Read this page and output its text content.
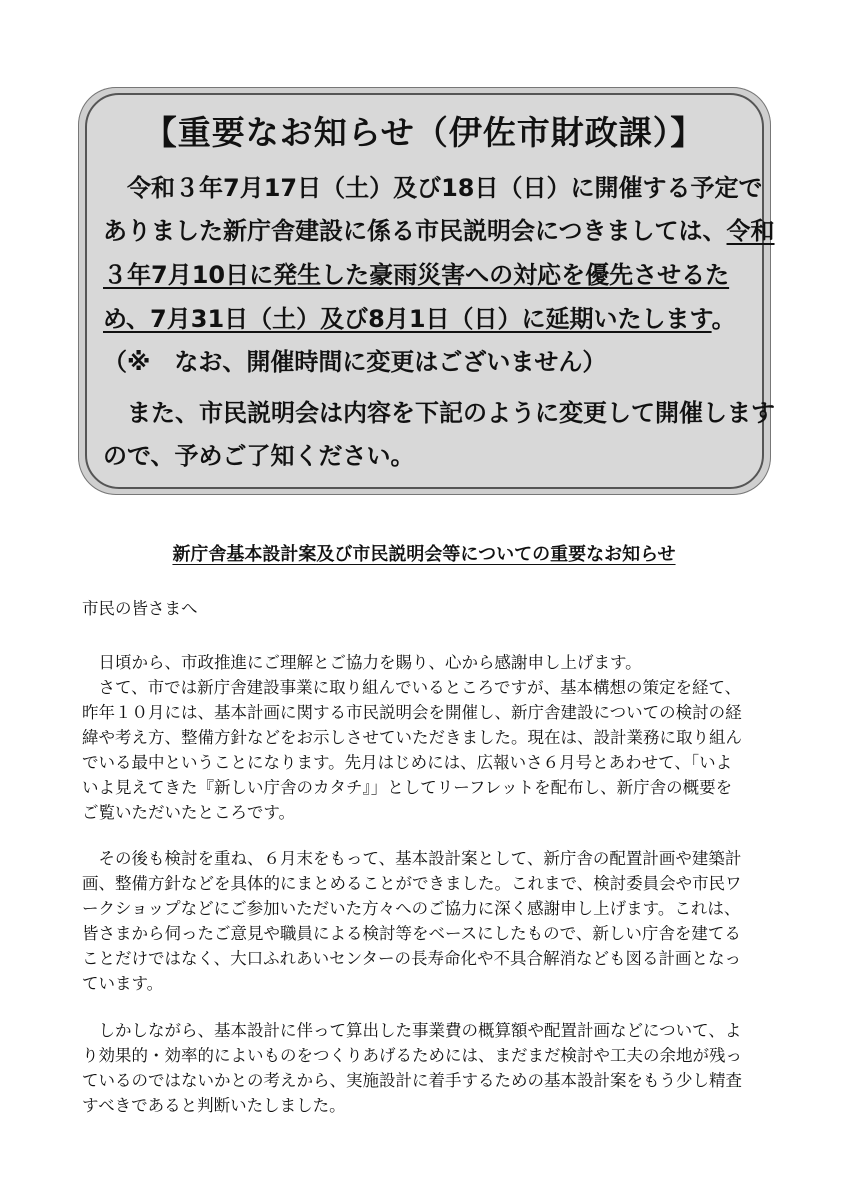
【重要なお知らせ（伊佐市財政課）】
　令和３年7月17日（土）及び18日（日）に開催する予定で
ありました新庁舎建設に係る市民説明会につきましては、令和
３年7月10日に発生した豪雨災害への対応を優先させるた
め、7月31日（土）及び8月1日（日）に延期いたします。
（※　なお、開催時間に変更はございません）
　また、市民説明会は内容を下記のように変更して開催します
ので、予めご了知ください。
新庁舎基本設計案及び市民説明会等についての重要なお知らせ
市民の皆さまへ
　日頃から、市政推進にご理解とご協力を賜り、心から感謝申し上げます。
　さて、市では新庁舎建設事業に取り組んでいるところですが、基本構想の策定を経て、
昨年１０月には、基本計画に関する市民説明会を開催し、新庁舎建設についての検討の経
緯や考え方、整備方針などをお示しさせていただきました。現在は、設計業務に取り組ん
でいる最中ということになります。先月はじめには、広報いさ６月号とあわせて、「いよ
いよ見えてきた『新しい庁舎のカタチ』」としてリーフレットを配布し、新庁舎の概要を
ご覧いただいたところです。
　その後も検討を重ね、６月末をもって、基本設計案として、新庁舎の配置計画や建築計
画、整備方針などを具体的にまとめることができました。これまで、検討委員会や市民ワ
ークショップなどにご参加いただいた方々へのご協力に深く感謝申し上げます。これは、
皆さまから伺ったご意見や職員による検討等をベースにしたもので、新しい庁舎を建てる
ことだけではなく、大口ふれあいセンターの長寿命化や不具合解消なども図る計画となっ
ています。
　しかしながら、基本設計に伴って算出した事業費の概算額や配置計画などについて、よ
り効果的・効率的によいものをつくりあげるためには、まだまだ検討や工夫の余地が残っ
ているのではないかとの考えから、実施設計に着手するための基本設計案をもう少し精査
すべきであると判断いたしました。
